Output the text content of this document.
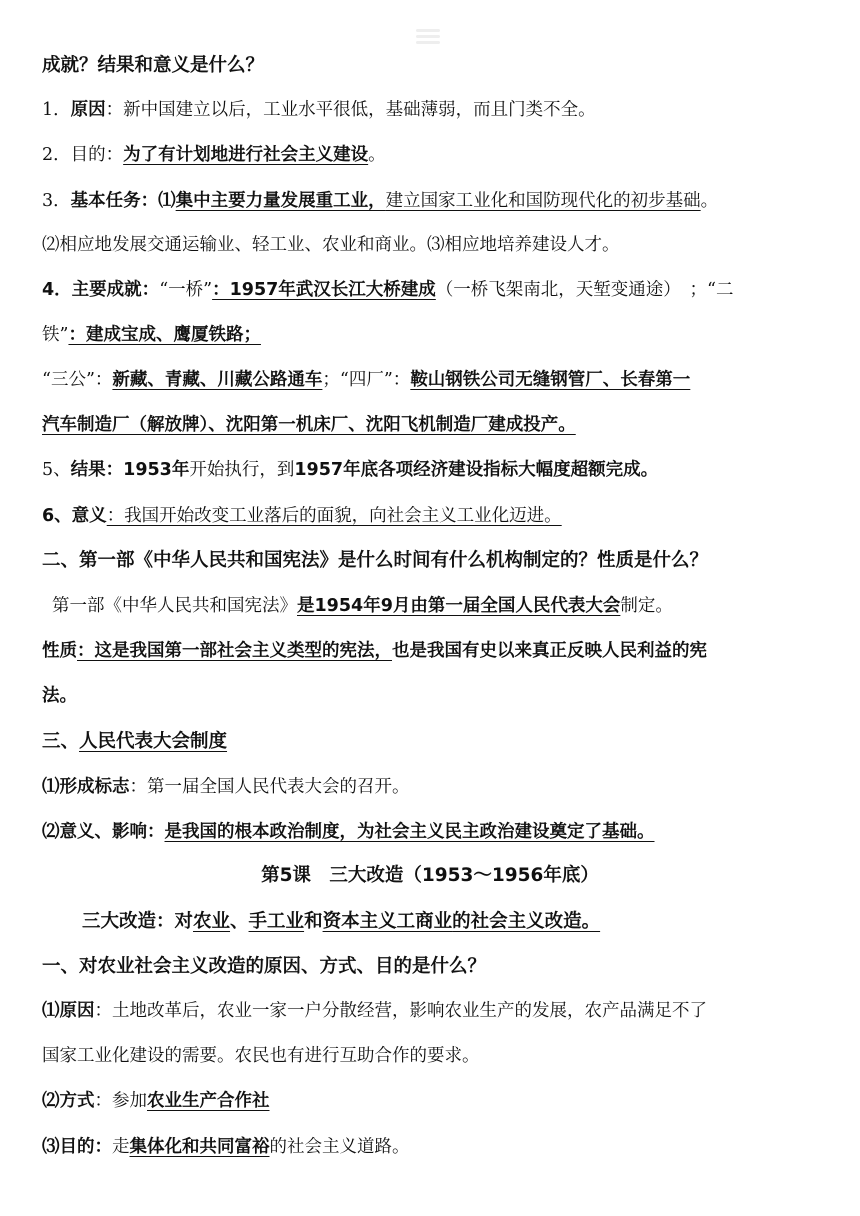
成就？结果和意义是什么？
1．原因：新中国建立以后，工业水平很低，基础薄弱，而且门类不全。
2．目的：为了有计划地进行社会主义建设。
3．基本任务：⑴集中主要力量发展重工业，建立国家工业化和国防现代化的初步基础。
⑵相应地发展交通运输业、轻工业、农业和商业。⑶相应地培养建设人才。
4．主要成就：“一桥”：1957年武汉长江大桥建成（一桥飞架南北，天堑变通途）　；“二
铁”：建成宝成、鹰厦铁路；
“三公”：新藏、青藏、川藏公路通车；“四厂”：鞍山钢铁公司无缝钢管厂、长春第一
汽车制造厂（解放牌）、沈阳第一机床厂、沈阳飞机制造厂建成投产。
5、结果：1953年开始执行，到1957年底各项经济建设指标大幅度超额完成。
6、意义：我国开始改变工业落后的面貌，向社会主义工业化迈进。
二、第一部《中华人民共和国宪法》是什么时间有什么机构制定的？性质是什么？
第一部《中华人民共和国宪法》是1954年9月由第一届全国人民代表大会制定。
性质：这是我国第一部社会主义类型的宪法，也是我国有史以来真正反映人民利益的宪
法。
三、人民代表大会制度
⑴形成标志：第一届全国人民代表大会的召开。
⑵意义、影响：是我国的根本政治制度，为社会主义民主政治建设奠定了基础。
第5课　三大改造（1953～1956年底）
三大改造：对农业、手工业和资本主义工商业的社会主义改造。
一、对农业社会主义改造的原因、方式、目的是什么？
⑴原因：土地改革后，农业一家一户分散经营，影响农业生产的发展，农产品满足不了
国家工业化建设的需要。农民也有进行互助合作的要求。
⑵方式：参加农业生产合作社
⑶目的：走集体化和共同富裕的社会主义道路。
